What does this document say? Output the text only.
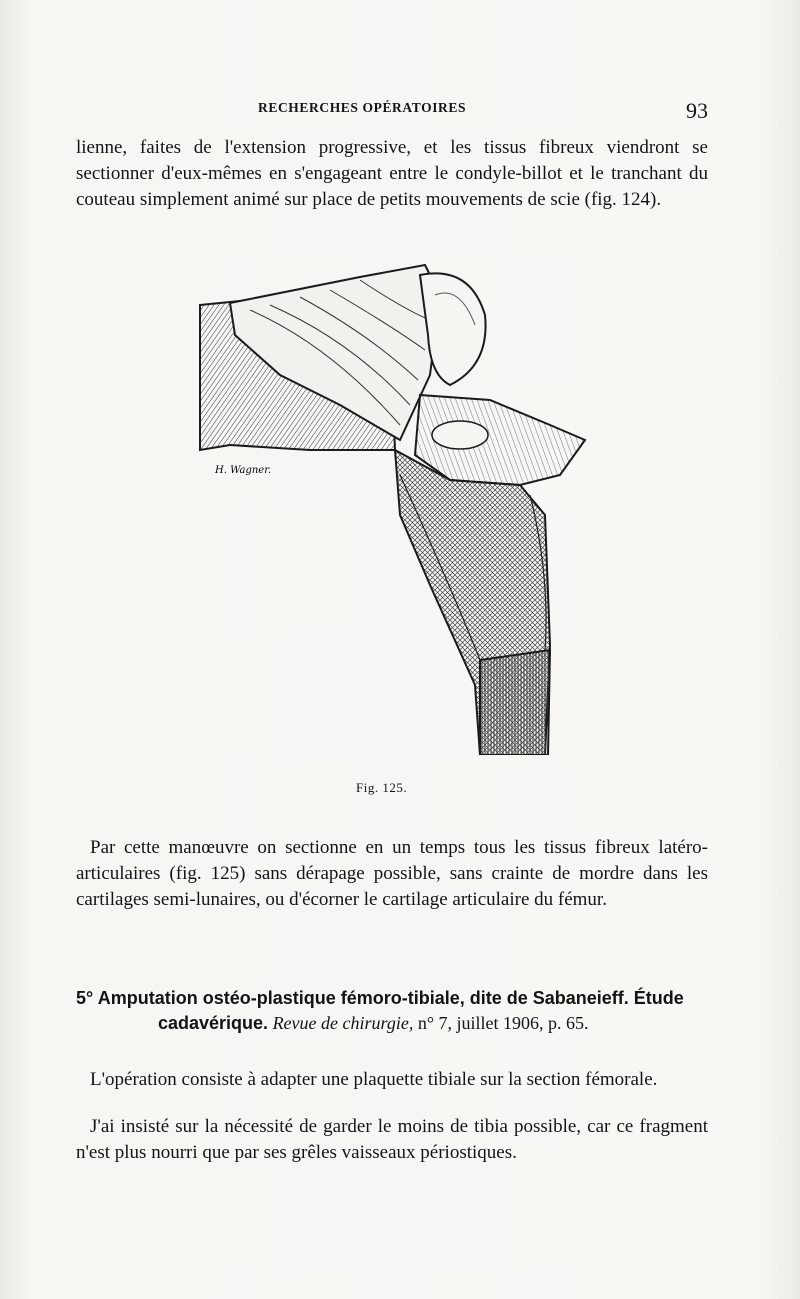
RECHERCHES OPÉRATOIRES	93

lienne, faites de l'extension progressive, et les tissus fibreux viendront se sectionner d'eux-mêmes en s'engageant entre le condyle-billot et le tranchant du couteau simplement animé sur place de petits mouvements de scie (fig. 124).

H. Wagner.
Fig. 125.

Par cette manœuvre on sectionne en un temps tous les tissus fibreux latéro-articulaires (fig. 125) sans dérapage possible, sans crainte de mordre dans les cartilages semi-lunaires, ou d'écorner le cartilage articulaire du fémur.

5° Amputation ostéo-plastique fémoro-tibiale, dite de Sabaneieff. Étude
cadavérique. Revue de chirurgie, n° 7, juillet 1906, p. 65.

L'opération consiste à adapter une plaquette tibiale sur la section fémorale.

J'ai insisté sur la nécessité de garder le moins de tibia possible, car ce fragment n'est plus nourri que par ses grêles vaisseaux périostiques.
